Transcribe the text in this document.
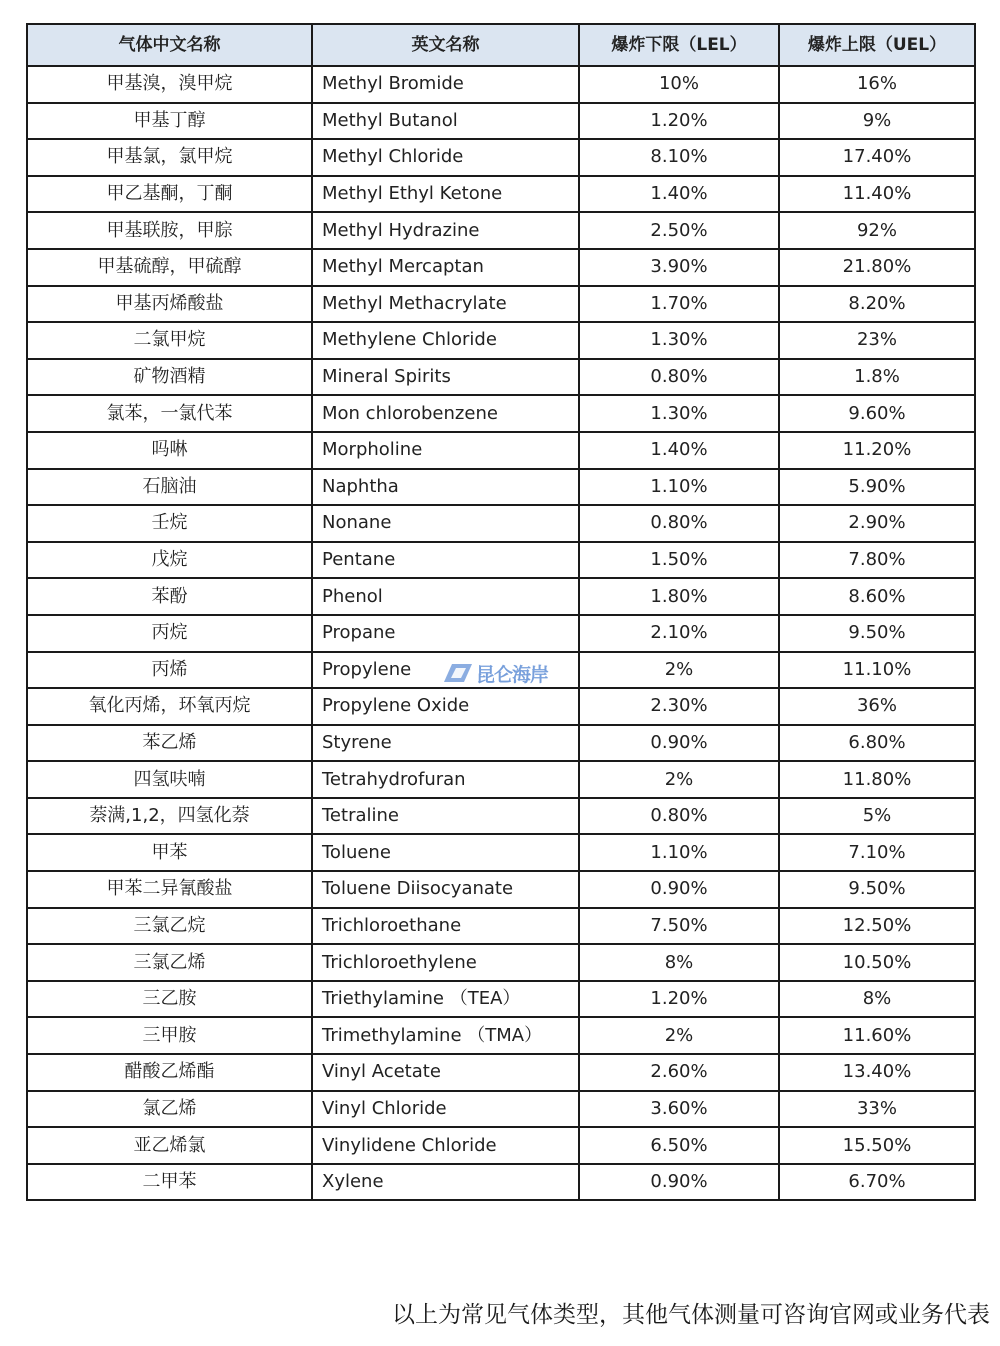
气体中文名称	英文名称	爆炸下限（LEL）	爆炸上限（UEL）
甲基溴，溴甲烷	Methyl Bromide	10%	16%
甲基丁醇	Methyl Butanol	1.20%	9%
甲基氯，氯甲烷	Methyl Chloride	8.10%	17.40%
甲乙基酮，丁酮	Methyl Ethyl Ketone	1.40%	11.40%
甲基联胺，甲腙	Methyl Hydrazine	2.50%	92%
甲基硫醇，甲硫醇	Methyl Mercaptan	3.90%	21.80%
甲基丙烯酸盐	Methyl Methacrylate	1.70%	8.20%
二氯甲烷	Methylene Chloride	1.30%	23%
矿物酒精	Mineral Spirits	0.80%	1.8%
氯苯，一氯代苯	Mon chlorobenzene	1.30%	9.60%
吗啉	Morpholine	1.40%	11.20%
石脑油	Naphtha	1.10%	5.90%
壬烷	Nonane	0.80%	2.90%
戊烷	Pentane	1.50%	7.80%
苯酚	Phenol	1.80%	8.60%
丙烷	Propane	2.10%	9.50%
丙烯	Propylene	2%	11.10%
氧化丙烯，环氧丙烷	Propylene Oxide	2.30%	36%
苯乙烯	Styrene	0.90%	6.80%
四氢呋喃	Tetrahydrofuran	2%	11.80%
萘满,1,2，四氢化萘	Tetraline	0.80%	5%
甲苯	Toluene	1.10%	7.10%
甲苯二异氰酸盐	Toluene Diisocyanate	0.90%	9.50%
三氯乙烷	Trichloroethane	7.50%	12.50%
三氯乙烯	Trichloroethylene	8%	10.50%
三乙胺	Triethylamine （TEA）	1.20%	8%
三甲胺	Trimethylamine （TMA）	2%	11.60%
醋酸乙烯酯	Vinyl Acetate	2.60%	13.40%
氯乙烯	Vinyl Chloride	3.60%	33%
亚乙烯氯	Vinylidene Chloride	6.50%	15.50%
二甲苯	Xylene	0.90%	6.70%
昆仑海岸
以上为常见气体类型，其他气体测量可咨询官网或业务代表
